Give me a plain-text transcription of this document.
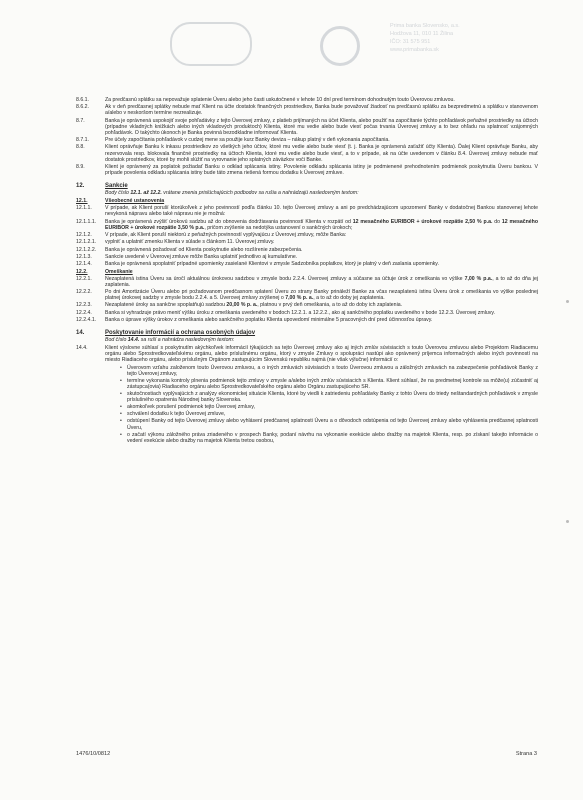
Prima banka Slovensko, a.s.
Hodžova 11, 010 11 Žilina
IČO: 31 575 951
www.primabanka.sk
8.6.1.	Za predčasnú splátku sa nepovažuje splatenie Úveru alebo jeho časti uskutočnené v lehote 10 dní pred termínom dohodnutým touto Úverovou zmluvou.
8.6.2.	Ak v deň predčasnej splátky nebude mať Klient na účte dostatok finančných prostriedkov, Banka bude považovať žiadosť na predčasnú splátku za bezpredmetnú a splátku v stanovenom a/alebo v neskoršom termíne nezrealizuje.
8.7.	Banka je oprávnená uspokojiť svoje pohľadávky z tejto Úverovej zmluvy, z platieb prijímaných na účet Klienta, alebo použiť na započítanie týchto pohľadávok peňažné prostriedky na účtoch (prípadne vkladných knižkách alebo iných vkladových produktoch) Klienta, ktoré mu vedie alebo bude viesť počas trvania Úverovej zmluvy a to bez ohľadu na splatnosť vzájomných pohľadávok. O takýchto úkonoch je Banka povinná bezodkladne informovať Klienta.
8.7.1.	Pre účely započítania pohľadávok v cudzej mene sa použije kurz Banky deviza – nákup platný v deň vykonania započítania.
8.8.	Klient oprávňuje Banku k inkasu prostriedkov zo všetkých jeho účtov, ktoré mu vedie alebo bude viesť (t. j. Banka je oprávnená zaťažiť účty Klienta). Ďalej Klient oprávňuje Banku, aby rezervovala resp. blokovala finančné prostriedky na účtoch Klienta, ktoré mu vedie alebo bude viesť, a to v prípade, ak na účte uvedenom v článku 8.4. Úverovej zmluvy nebude mať dostatok prostriedkov, ktoré by mohli slúžiť na vyrovnanie jeho splatných záväzkov voči Banke.
8.9.	Klient je oprávnený za poplatok požiadať Banku o odklad splácania istiny. Povolenie odkladu splácania istiny je podmienené prehodnotením podmienok poskytnutia Úveru bankou. V prípade povolenia odkladu splácania istiny bude táto zmena riešená formou dodatku k Úverovej zmluve.
12.	Sankcie
Body číslo 12.1. až 12.2. vrátane znenia prislúchajúcich podbodov sa rušia a nahrádzajú nasledovným textom:
12.1.	Všeobecné ustanovenia
12.1.1.	V prípade, ak Klient poruší ktorúkoľvek z jeho povinností podľa článku 10. tejto Úverovej zmluvy a ani po predchádzajúcom upozornení Banky v dodatočnej Bankou stanovenej lehote nevykoná nápravu alebo také nápravu nie je možná:
12.1.1.1.	Banka je oprávnená zvýšiť úrokovú sadzbu až do obnovenia dodržiavania povinností Klienta v rozpätí od 12 mesačného EURIBOR + úrokové rozpätie 2,50 % p.a. do 12 mesačného EURIBOR + úrokové rozpätie 3,50 % p.a., pričom zvýšenie sa nedotýka ustanovení o sankčných úrokoch;
12.1.2.	V prípade, ak Klient poruší niektorú z peňažných povinností vyplývajúcu z Úverovej zmluvy, môže Banka:
12.1.2.1.	vyplniť a uplatniť zmenku Klienta v súlade s článkom 11. Úverovej zmluvy.
12.1.2.2.	Banka je oprávnená požadovať od Klienta poskytnutie alebo rozšírenie zabezpečenia.
12.1.3.	Sankcie uvedené v Úverovej zmluve môže Banka uplatniť jednotlivo aj kumulatívne.
12.1.4.	Banka je oprávnená spoplatniť prípadné upomienky zasielané Klientovi v zmysle Sadzobníka poplatkov, ktorý je platný v deň zaslania upomienky.
12.2.	Omeškanie
12.2.1.	Nezaplatená istina Úveru sa úročí aktuálnou úrokovou sadzbou v zmysle bodu 2.2.4. Úverovej zmluvy a súčasne sa účtuje úrok z omeškania vo výške 7,00 % p.a., a to až do dňa jej zaplatenia.
12.2.2.	Po dni Amortizácie Úveru alebo pri požadovanom predčasnom splatení Úveru zo strany Banky prináleží Banke za včas nezaplatenú istinu Úveru úrok z omeškania vo výške poslednej platnej úrokovej sadzby v zmysle bodu 2.2.4. a 5. Úverovej zmluvy zvýšenej o 7,00 % p. a., a to až do doby jej zaplatenia.
12.2.3.	Nezaplatené úroky sa sankčne spoplatňujú sadzbou 20,00 % p. a., platnou v prvý deň omeškania, a to až do doby ich zaplatenia.
12.2.4.	Banka si vyhradzuje právo meniť výšku úroku z omeškania uvedeného v bodoch 12.2.1. a 12.2.2., ako aj sankčného poplatku uvedeného v bode 12.2.3. Úverovej zmluvy.
12.2.4.1.	Banka o úprave výšky úrokov z omeškania alebo sankčného poplatku Klienta upovedomí minimálne 5 pracovných dní pred účinnosťou úpravy.
14.	Poskytovanie informácií a ochrana osobných údajov
Bod číslo 14.4. sa ruší a nahrádza nasledovným textom:
14.4.	Klient výslovne súhlasí s poskytnutím akýchkoľvek informácií týkajúcich sa tejto Úverovej zmluvy ako aj iných zmlúv súvisiacich s touto Úverovou zmluvou alebo Projektom Riadiacemu orgánu alebo Sprostredkovateľskému orgánu, alebo príslušnému orgánu, ktorý v zmysle Zmluvy o spolupráci nastúpi ako oprávnený príjemca informačných alebo iných povinností na miesto Riadiaceho orgánu, alebo príslušným Orgánom zastupujúcim Slovenskú republiku najmä (nie však výlučne) informácií o:
• Úverovom vzťahu založenom touto Úverovou zmluvou, a o iných zmluvách súvisiacich s touto Úverovou zmluvou a záložných zmluvách na zabezpečenie pohľadávok Banky z tejto Úverovej zmluvy,
• termíne vykonania kontroly plnenia podmienok tejto zmluvy v zmysle a/alebo iných zmlúv súvisiacich s Klienta. Klient súhlasí, že na predmetnej kontrole sa môže(u) zúčastniť aj zástupca(ovia) Riadiaceho orgánu alebo Sprostredkovateľského orgánu alebo Orgánu zastupujúceho SR.
• skutočnostiach vyplývajúcich z analýzy ekonomickej situácie Klienta, ktoré by viedli k zatriedeniu pohľadávky Banky z tohto Úveru do triedy neštandardných pohľadávok v zmysle príslušného opatrenia Národnej banky Slovenska.
• akomkoľvek porušení podmienok tejto Úverovej zmluvy,
• schválení dodatku k tejto Úverovej zmluve,
• odstúpení Banky od tejto Úverovej zmluvy alebo vyhlásení predčasnej splatnosti Úveru a o dôvodoch odstúpenia od tejto Úverovej zmluvy alebo vyhlásenia predčasnej splatnosti Úveru,
• o začatí výkonu záložného práva zriadeného v prospech Banky, podaní návrhu na vykonanie exekúcie alebo dražby na majetok Klienta, resp. po získaní takejto informácie o vedení exekúcie alebo dražby na majetok Klienta tretou osobou,
1476/10/0812	Strana 3
